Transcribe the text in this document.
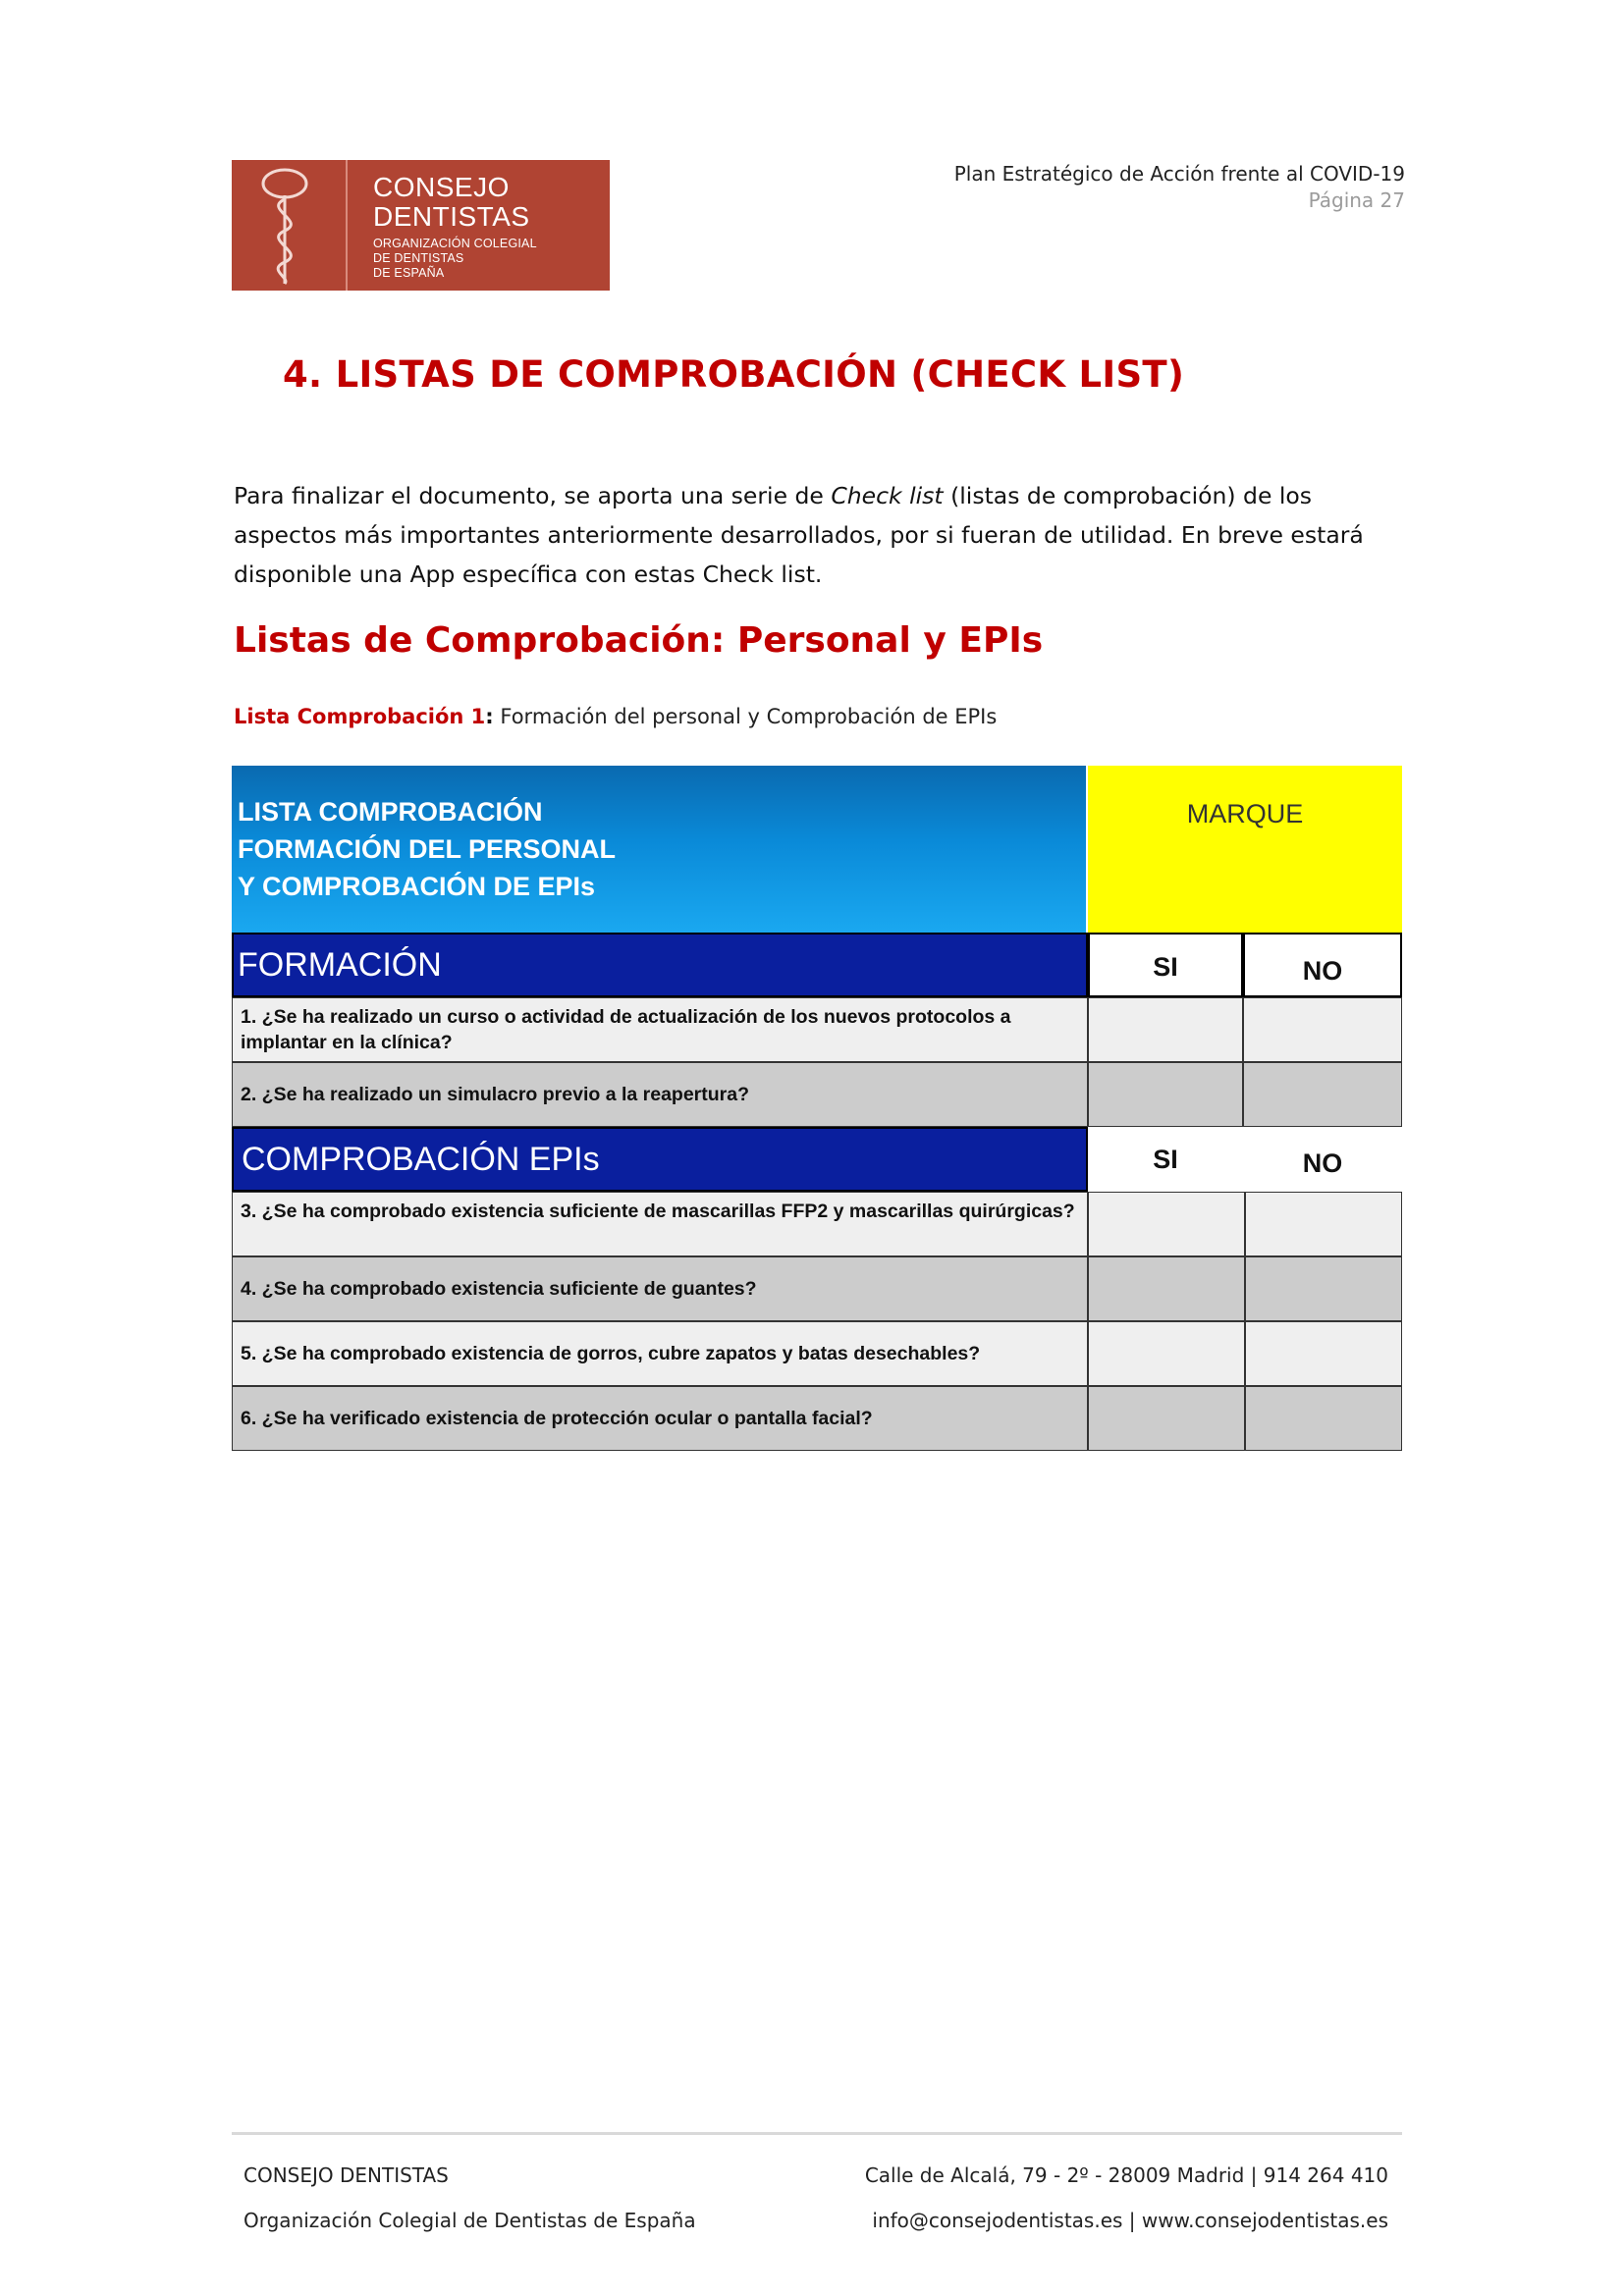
CONSEJO
DENTISTAS
ORGANIZACIÓN COLEGIAL
DE DENTISTAS
DE ESPAÑA
Plan Estratégico de Acción frente al COVID-19
Página 27
4. LISTAS DE COMPROBACIÓN (CHECK LIST)
Para finalizar el documento, se aporta una serie de Check list (listas de comprobación) de los aspectos más importantes anteriormente desarrollados, por si fueran de utilidad. En breve estará disponible una App específica con estas Check list.
Listas de Comprobación: Personal y EPIs
Lista Comprobación 1: Formación del personal y Comprobación de EPIs
LISTA COMPROBACIÓN
FORMACIÓN DEL PERSONAL
Y COMPROBACIÓN DE EPIs
MARQUE
FORMACIÓN	SI	NO
1. ¿Se ha realizado un curso o actividad de actualización de los nuevos protocolos a implantar en la clínica?
2. ¿Se ha realizado un simulacro previo a la reapertura?
COMPROBACIÓN EPIs	SI	NO
3. ¿Se ha comprobado existencia suficiente de mascarillas FFP2 y mascarillas quirúrgicas?
4. ¿Se ha comprobado existencia suficiente de guantes?
5. ¿Se ha comprobado existencia de gorros, cubre zapatos y batas desechables?
6. ¿Se ha verificado existencia de protección ocular o pantalla facial?
CONSEJO DENTISTAS
Organización Colegial de Dentistas de España
Calle de Alcalá, 79 - 2º - 28009 Madrid | 914 264 410
info@consejodentistas.es | www.consejodentistas.es
